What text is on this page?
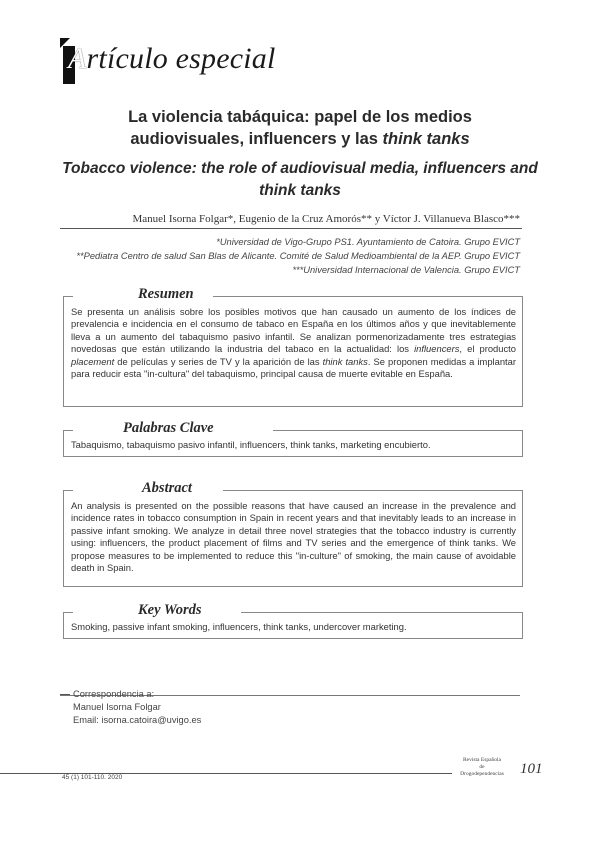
Artículo especial
La violencia tabáquica: papel de los medios
audiovisuales, influencers y las think tanks
Tobacco violence: the role of audiovisual media, influencers and
think tanks
Manuel Isorna Folgar*, Eugenio de la Cruz Amorós** y Víctor J. Villanueva Blasco***
*Universidad de Vigo-Grupo PS1. Ayuntamiento de Catoira. Grupo EVICT
**Pediatra Centro de salud San Blas de Alicante. Comité de Salud Medioambiental de la AEP. Grupo EVICT
***Universidad Internacional de Valencia. Grupo EVICT
Resumen
Se presenta un análisis sobre los posibles motivos que han causado un aumento de los índices de prevalencia e incidencia en el consumo de tabaco en España en los últimos años y que inevitablemente lleva a un aumento del tabaquismo pasivo infantil. Se analizan pormenorizadamente tres estrategias novedosas que están utilizando la industria del tabaco en la actualidad: los influencers, el producto placement de películas y series de TV y la aparición de las think tanks. Se proponen medidas a implantar para reducir esta "in-cultura" del tabaquismo, principal causa de muerte evitable en España.
Palabras Clave
Tabaquismo, tabaquismo pasivo infantil, influencers, think tanks, marketing encubierto.
Abstract
An analysis is presented on the possible reasons that have caused an increase in the prevalence and incidence rates in tobacco consumption in Spain in recent years and that inevitably leads to an increase in passive infant smoking. We analyze in detail three novel strategies that the tobacco industry is currently using: influencers, the product placement of films and TV series and the emergence of think tanks. We propose measures to be implemented to reduce this "in-culture" of smoking, the main cause of avoidable death in Spain.
Key Words
Smoking, passive infant smoking, influencers, think tanks, undercover marketing.
Correspondencia a:
Manuel Isorna Folgar
Email: isorna.catoira@uvigo.es
45 (1) 101-110. 2020
Revista Española
de
Drogodependencias	101
